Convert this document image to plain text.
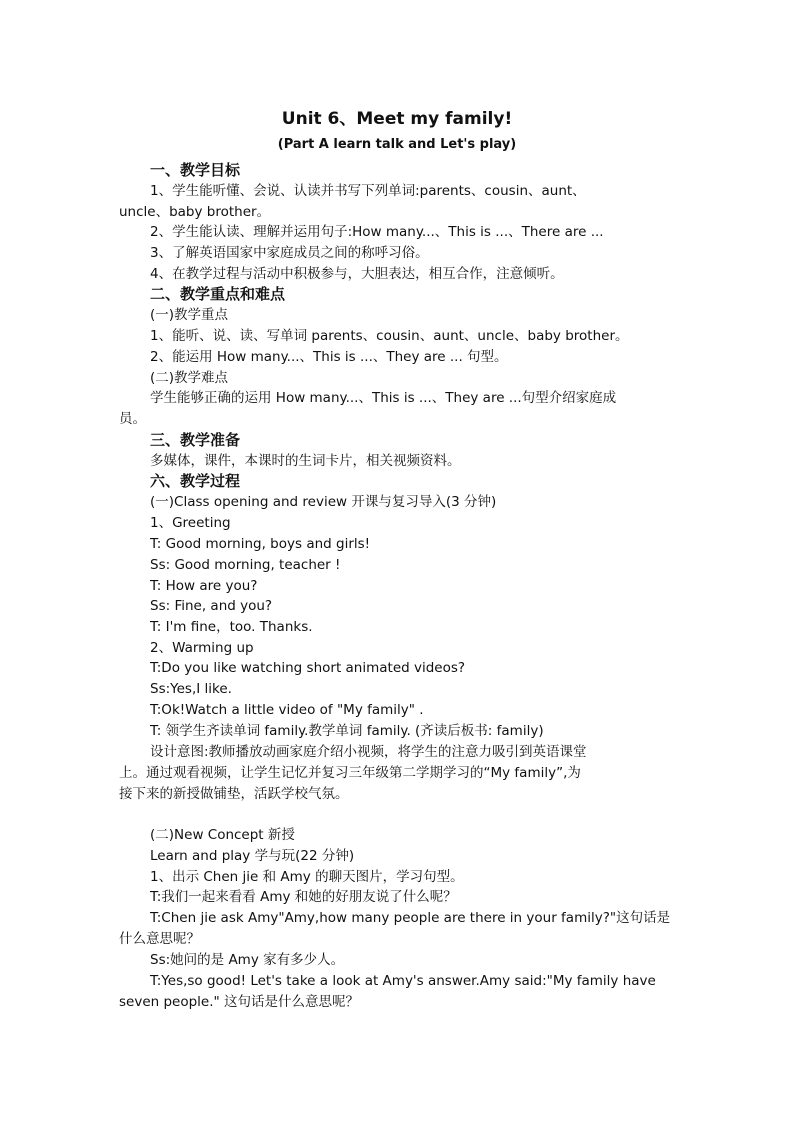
Unit 6、Meet my family!
(Part A learn talk and Let's play)
一、教学目标
1、学生能听懂、会说、认读并书写下列单词:parents、cousin、aunt、
uncle、baby brother。
2、学生能认读、理解并运用句子:How many...、This is ...、There are ...
3、了解英语国家中家庭成员之间的称呼习俗。
4、在教学过程与活动中积极参与，大胆表达，相互合作，注意倾听。
二、教学重点和难点
(一)教学重点
1、能听、说、读、写单词 parents、cousin、aunt、uncle、baby brother。
2、能运用 How many...、This is ...、They are ... 句型。
(二)教学难点
学生能够正确的运用 How many...、This is ...、They are ...句型介绍家庭成
员。
三、教学准备
多媒体，课件，本课时的生词卡片，相关视频资料。
六、教学过程
(一)Class opening and review 开课与复习导入(3 分钟)
1、Greeting
T: Good morning, boys and girls!
Ss: Good morning, teacher !
T: How are you?
Ss: Fine, and you?
T: I'm fine，too. Thanks.
2、Warming up
T:Do you like watching short animated videos?
Ss:Yes,I like.
T:Ok!Watch a little video of "My family" .
T: 领学生齐读单词 family.教学单词 family. (齐读后板书: family)
设计意图:教师播放动画家庭介绍小视频，将学生的注意力吸引到英语课堂
上。通过观看视频，让学生记忆并复习三年级第二学期学习的“My family”,为
接下来的新授做铺垫，活跃学校气氛。
(二)New Concept 新授
Learn and play 学与玩(22 分钟)
1、出示 Chen jie 和 Amy 的聊天图片，学习句型。
T:我们一起来看看 Amy 和她的好朋友说了什么呢？
T:Chen jie ask Amy"Amy,how many people are there in your family?"这句话是
什么意思呢？
Ss:她问的是 Amy 家有多少人。
T:Yes,so good! Let's take a look at Amy's answer.Amy said:"My family have
seven people." 这句话是什么意思呢？
